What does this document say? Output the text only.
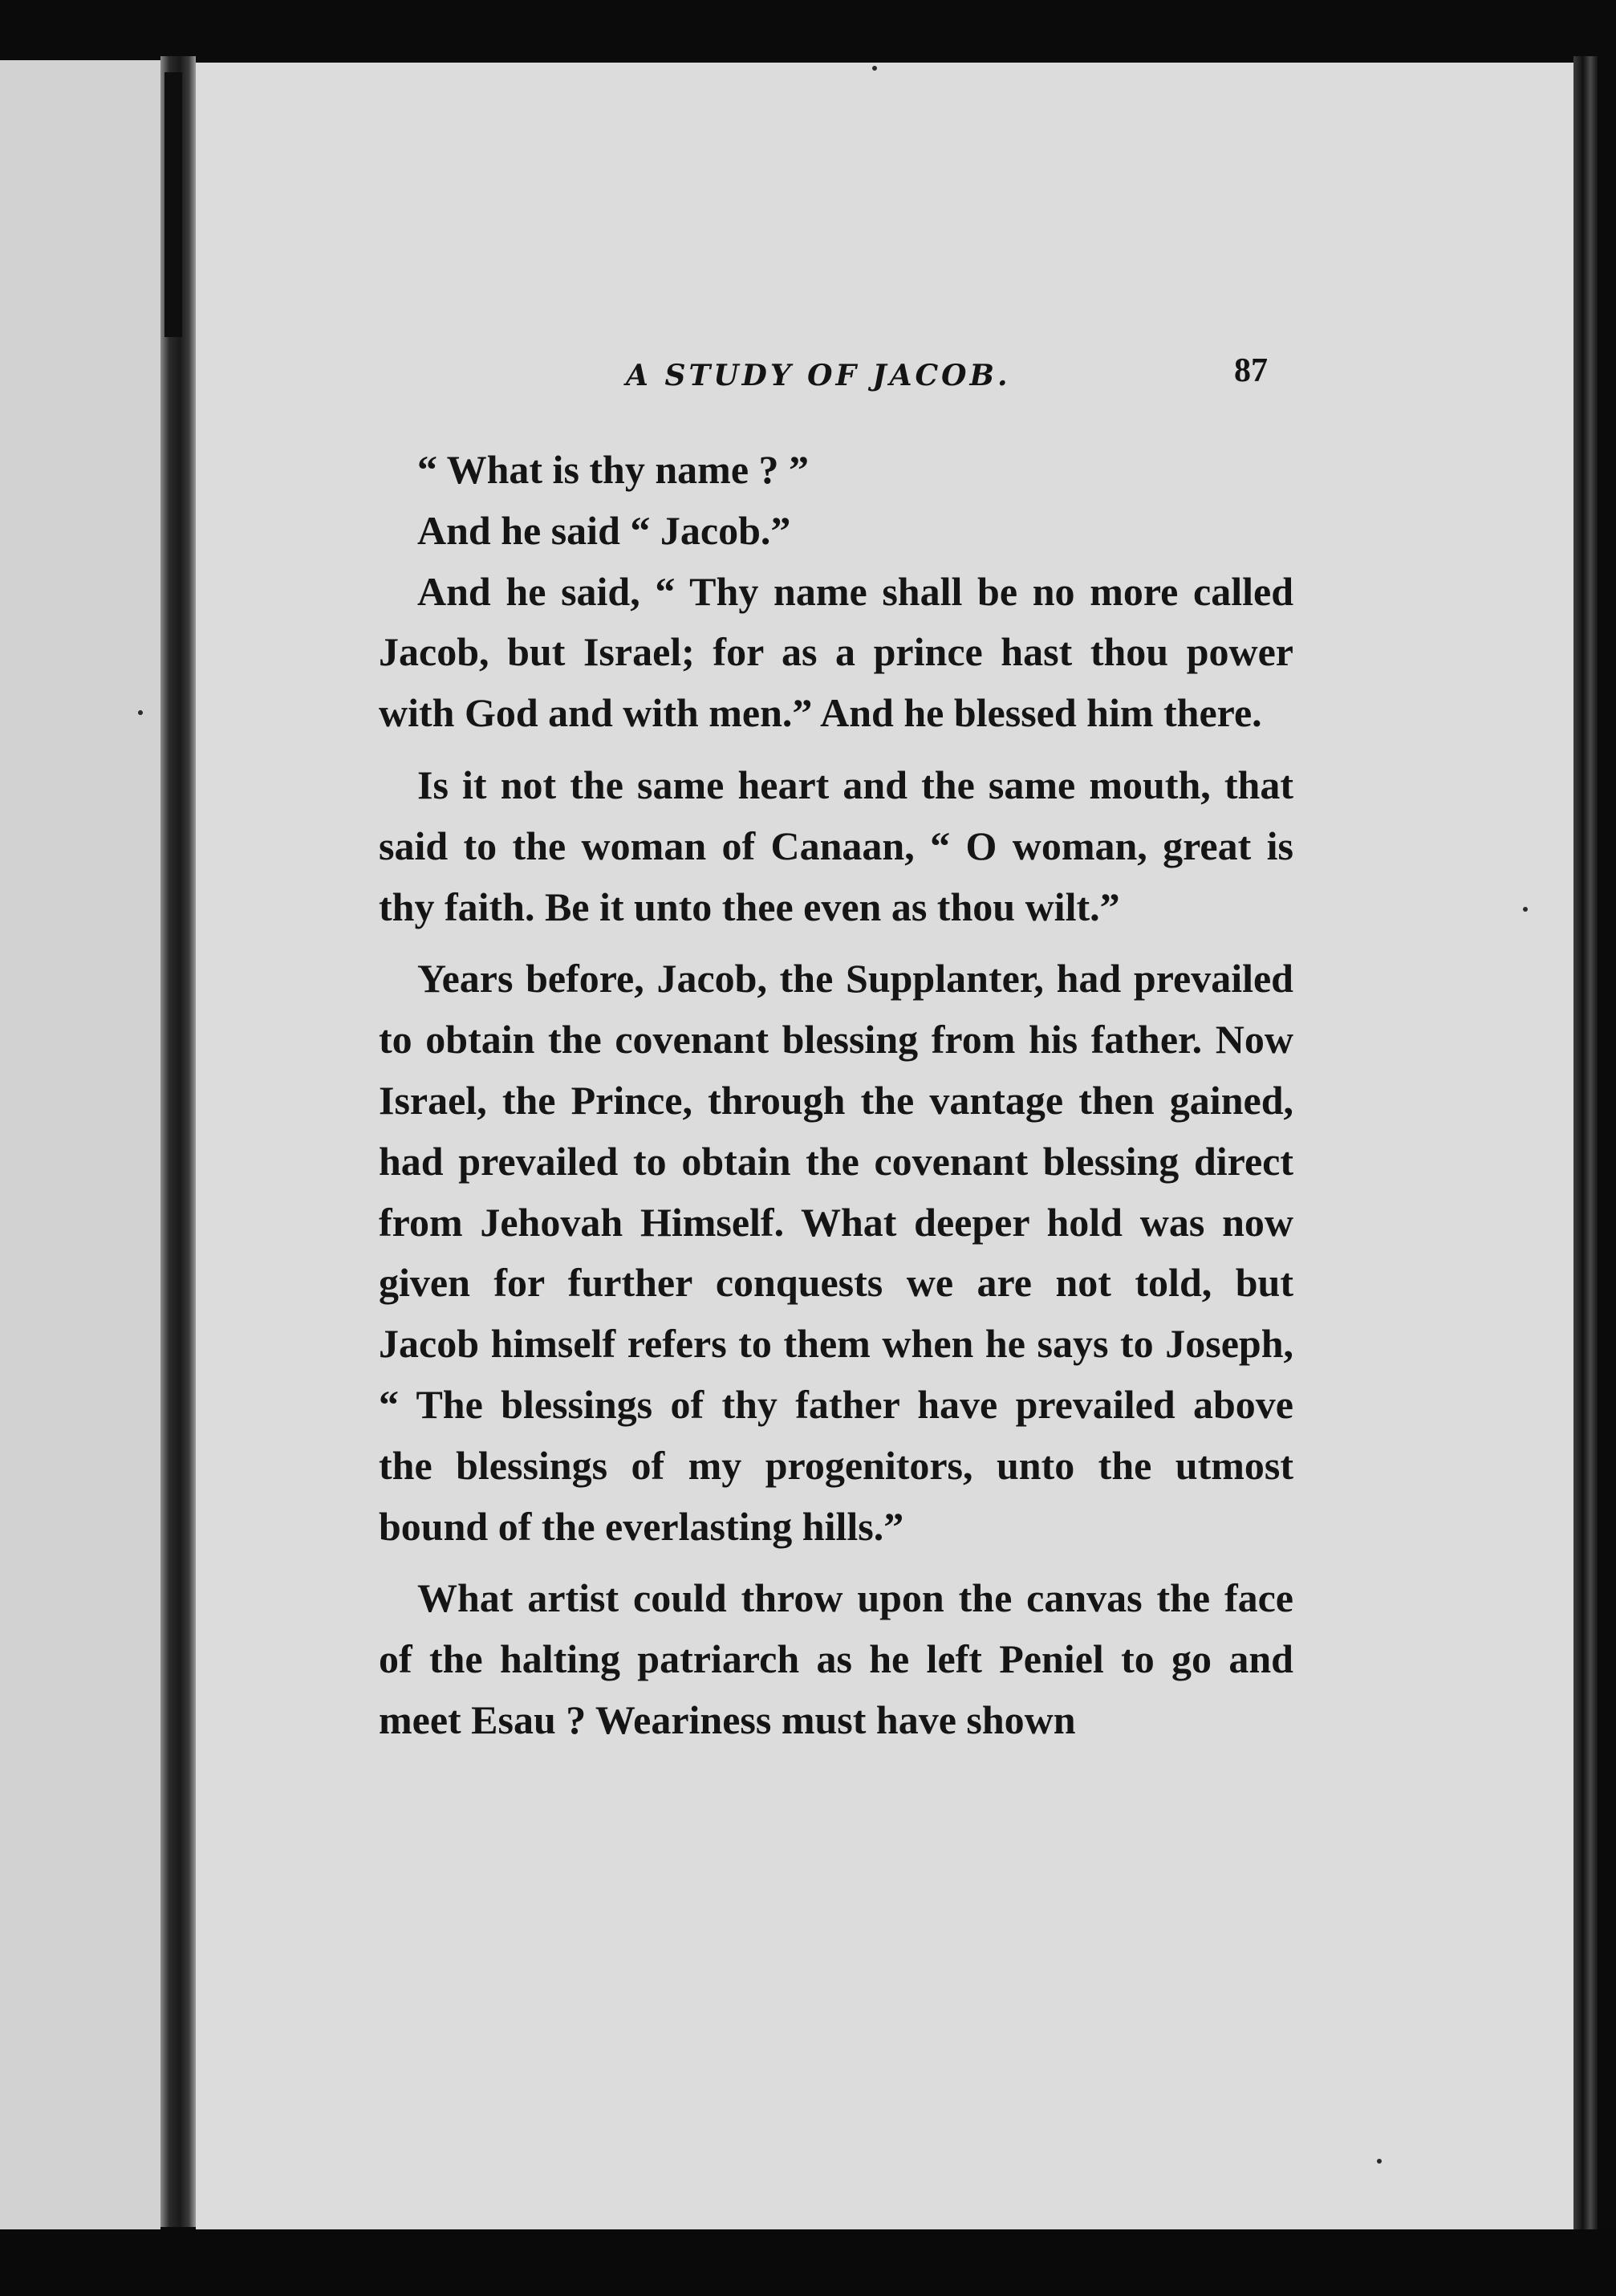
A STUDY OF JACOB.	87

“ What is thy name ? ”

And he said “ Jacob.”

And he said, “ Thy name shall be no more called Jacob, but Israel; for as a prince hast thou power with God and with men.” And he blessed him there.

Is it not the same heart and the same mouth, that said to the woman of Canaan, “ O woman, great is thy faith. Be it unto thee even as thou wilt.”

Years before, Jacob, the Supplanter, had prevailed to obtain the covenant blessing from his father. Now Israel, the Prince, through the vantage then gained, had prevailed to obtain the covenant blessing direct from Jehovah Himself. What deeper hold was now given for further conquests we are not told, but Jacob himself refers to them when he says to Joseph, “ The blessings of thy father have prevailed above the blessings of my progenitors, unto the utmost bound of the everlasting hills.”

What artist could throw upon the canvas the face of the halting patriarch as he left Peniel to go and meet Esau ? Weariness must have shown
